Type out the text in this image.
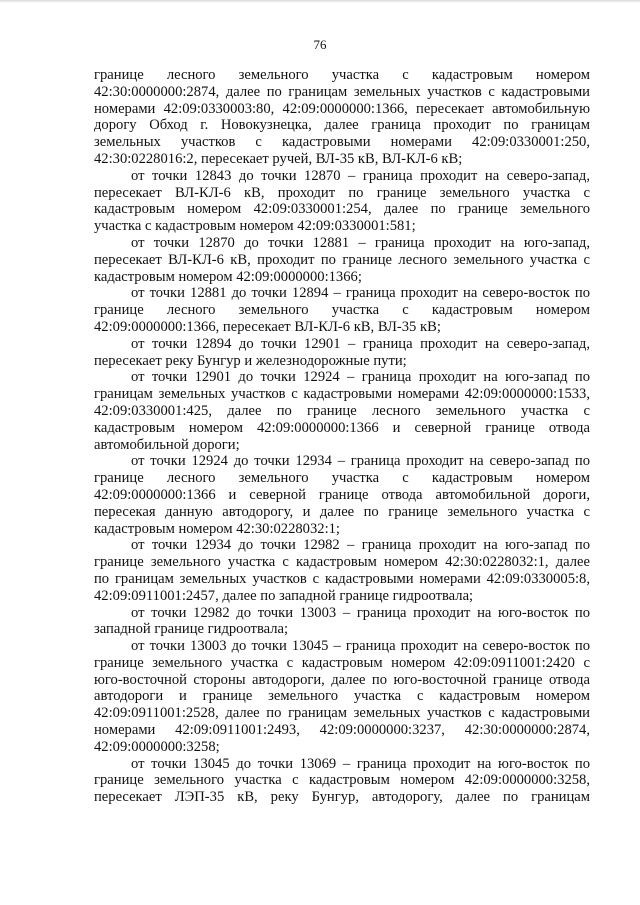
76

границе лесного земельного участка с кадастровым номером

42:30:0000000:2874, далее по границам земельных участков с кадастровыми

номерами 42:09:0330003:80, 42:09:0000000:1366, пересекает автомобильную

дорогу Обход г. Новокузнецка, далее граница проходит по границам

земельных участков с кадастровыми номерами 42:09:0330001:250,

42:30:0228016:2, пересекает ручей, ВЛ-35 кВ, ВЛ-КЛ-6 кВ;

от точки 12843 до точки 12870 – граница проходит на северо-запад,

пересекает ВЛ-КЛ-6 кВ, проходит по границе земельного участка с

кадастровым номером 42:09:0330001:254, далее по границе земельного

участка с кадастровым номером 42:09:0330001:581;

от точки 12870 до точки 12881 – граница проходит на юго-запад,

пересекает ВЛ-КЛ-6 кВ, проходит по границе лесного земельного участка с

кадастровым номером 42:09:0000000:1366;

от точки 12881 до точки 12894 – граница проходит на северо-восток по

границе лесного земельного участка с кадастровым номером

42:09:0000000:1366, пересекает ВЛ-КЛ-6 кВ, ВЛ-35 кВ;

от точки 12894 до точки 12901 – граница проходит на северо-запад,

пересекает реку Бунгур и железнодорожные пути;

от точки 12901 до точки 12924 – граница проходит на юго-запад по

границам земельных участков с кадастровыми номерами 42:09:0000000:1533,

42:09:0330001:425, далее по границе лесного земельного участка с

кадастровым номером 42:09:0000000:1366 и северной границе отвода

автомобильной дороги;

от точки 12924 до точки 12934 – граница проходит на северо-запад по

границе лесного земельного участка с кадастровым номером

42:09:0000000:1366 и северной границе отвода автомобильной дороги,

пересекая данную автодорогу, и далее по границе земельного участка с

кадастровым номером 42:30:0228032:1;

от точки 12934 до точки 12982 – граница проходит на юго-запад по

границе земельного участка с кадастровым номером 42:30:0228032:1, далее

по границам земельных участков с кадастровыми номерами 42:09:0330005:8,

42:09:0911001:2457, далее по западной границе гидроотвала;

от точки 12982 до точки 13003 – граница проходит на юго-восток по

западной границе гидроотвала;

от точки 13003 до точки 13045 – граница проходит на северо-восток по

границе земельного участка с кадастровым номером 42:09:0911001:2420 с

юго-восточной стороны автодороги, далее по юго-восточной границе отвода

автодороги и границе земельного участка с кадастровым номером

42:09:0911001:2528, далее по границам земельных участков с кадастровыми

номерами 42:09:0911001:2493, 42:09:0000000:3237, 42:30:0000000:2874,

42:09:0000000:3258;

от точки 13045 до точки 13069 – граница проходит на юго-восток по

границе земельного участка с кадастровым номером 42:09:0000000:3258,

пересекает ЛЭП-35 кВ, реку Бунгур, автодорогу, далее по границам
